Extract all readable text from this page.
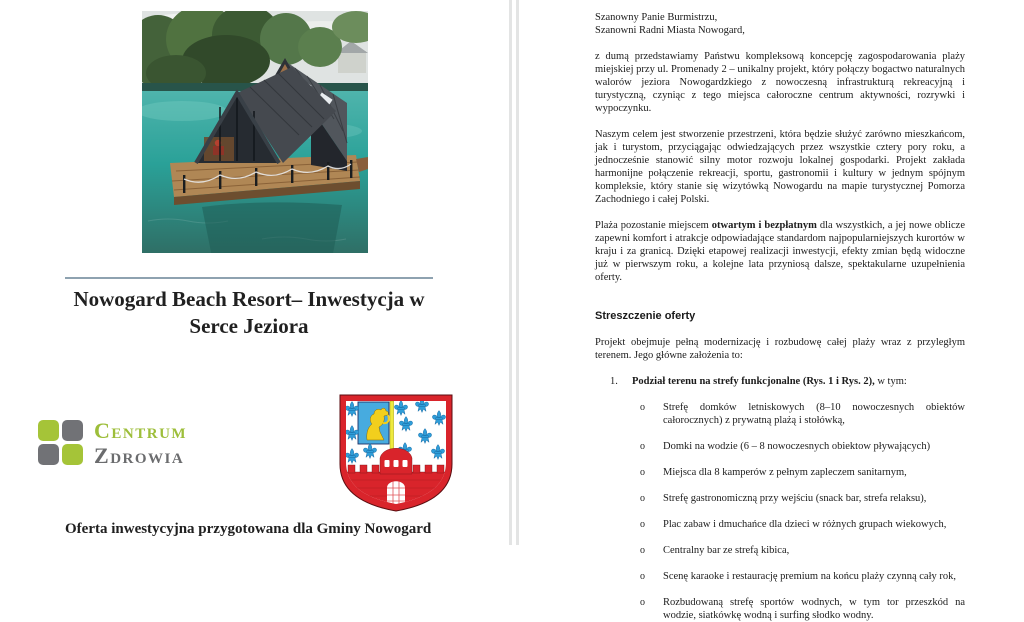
Nowogard Beach Resort– Inwestycja w Serce Jeziora
CENTRUM
ZDROWIA

Oferta inwestycyjna przygotowana dla Gminy Nowogard

Szanowny Panie Burmistrzu,

Szanowni Radni Miasta Nowogard,

z dumą przedstawiamy Państwu kompleksową koncepcję zagospodarowania plaży miejskiej przy ul. Promenady 2 – unikalny projekt, który połączy bogactwo naturalnych walorów jeziora Nowogardzkiego z nowoczesną infrastrukturą rekreacyjną i turystyczną, czyniąc z tego miejsca całoroczne centrum aktywności, rozrywki i wypoczynku.

Naszym celem jest stworzenie przestrzeni, która będzie służyć zarówno mieszkańcom, jak i turystom, przyciągając odwiedzających przez wszystkie cztery pory roku, a jednocześnie stanowić silny motor rozwoju lokalnej gospodarki. Projekt zakłada harmonijne połączenie rekreacji, sportu, gastronomii i kultury w jednym spójnym kompleksie, który stanie się wizytówką Nowogardu na mapie turystycznej Pomorza Zachodniego i całej Polski.

Plaża pozostanie miejscem otwartym i bezpłatnym dla wszystkich, a jej nowe oblicze zapewni komfort i atrakcje odpowiadające standardom najpopularniejszych kurortów w kraju i za granicą. Dzięki etapowej realizacji inwestycji, efekty zmian będą widoczne już w pierwszym roku, a kolejne lata przyniosą dalsze, spektakularne uzupełnienia oferty.

Streszczenie oferty

Projekt obejmuje pełną modernizację i rozbudowę całej plaży wraz z przyległym terenem. Jego główne założenia to:

1. Podział terenu na strefy funkcjonalne (Rys. 1 i Rys. 2), w tym:

o	Strefę domków letniskowych (8–10 nowoczesnych obiektów całorocznych) z prywatną plażą i stołówką,

o	Domki na wodzie (6 – 8 nowoczesnych obiektow pływających)

o	Miejsca dla 8 kamperów z pełnym zapleczem sanitarnym,

o	Strefę gastronomiczną przy wejściu (snack bar, strefa relaksu),

o	Plac zabaw i dmuchańce dla dzieci w różnych grupach wiekowych,

o	Centralny bar ze strefą kibica,

o	Scenę karaoke i restaurację premium na końcu plaży czynną cały rok,

o	Rozbudowaną strefę sportów wodnych, w tym tor przeszkód na wodzie, siatkówkę wodną i surfing słodko wodny.
